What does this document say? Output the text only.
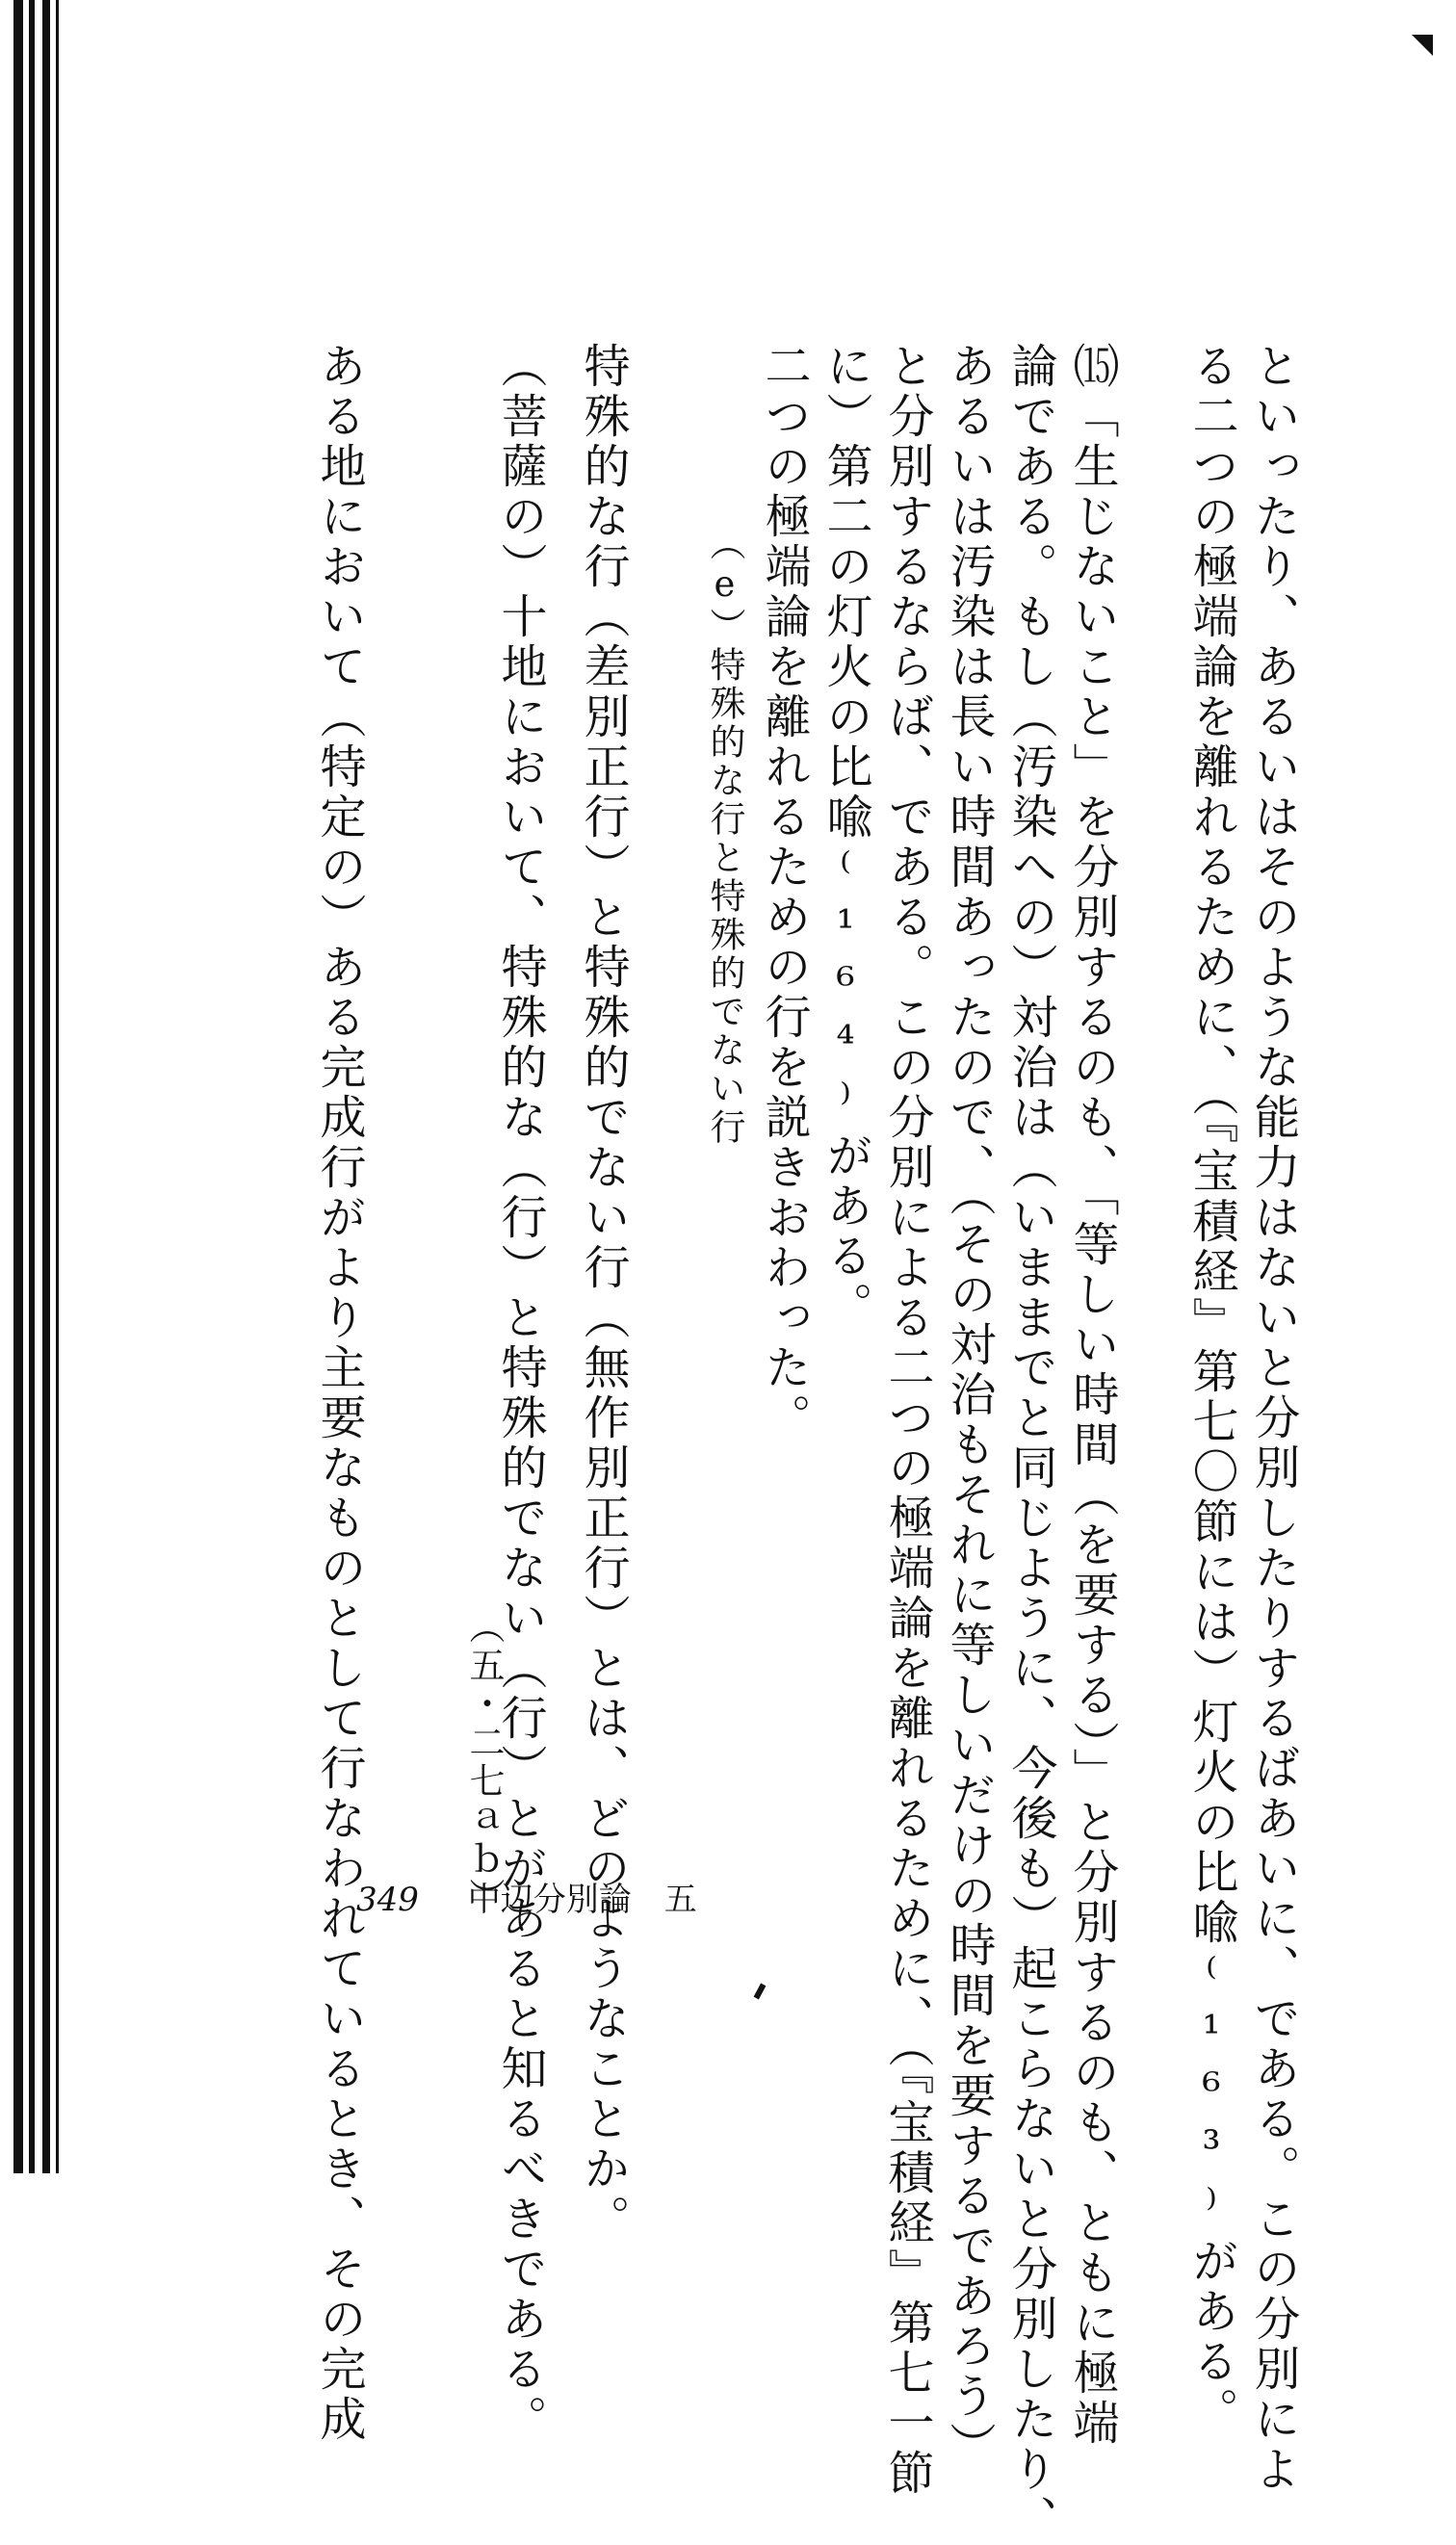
といったり、あるいはそのような能力はないと分別したりするばあいに、である。この分別によ
る二つの極端論を離れるために、（『宝積経』第七〇節には）灯火の比喩⁽¹⁶³⁾がある。
⒂「生じないこと」を分別するのも、「等しい時間（を要する）」と分別するのも、ともに極端
論である。もし（汚染への）対治は（いままでと同じように、今後も）起こらないと分別したり、
あるいは汚染は長い時間あったので、（その対治もそれに等しいだけの時間を要するであろう）
と分別するならば、である。この分別による二つの極端論を離れるために、（『宝積経』第七一節
に）第二の灯火の比喩⁽¹⁶⁴⁾がある。
二つの極端論を離れるための行を説きおわった。
（e）特殊的な行と特殊的でない行
特殊的な行（差別正行）と特殊的でない行（無作別正行）とは、どのようなことか。
（五・二七ａｂ）
（菩薩の）十地において、特殊的な（行）と特殊的でない（行）とがあると知るべきである。
ある地において（特定の）ある完成行がより主要なものとして行なわれているとき、その完成
349 中辺分別論　五
